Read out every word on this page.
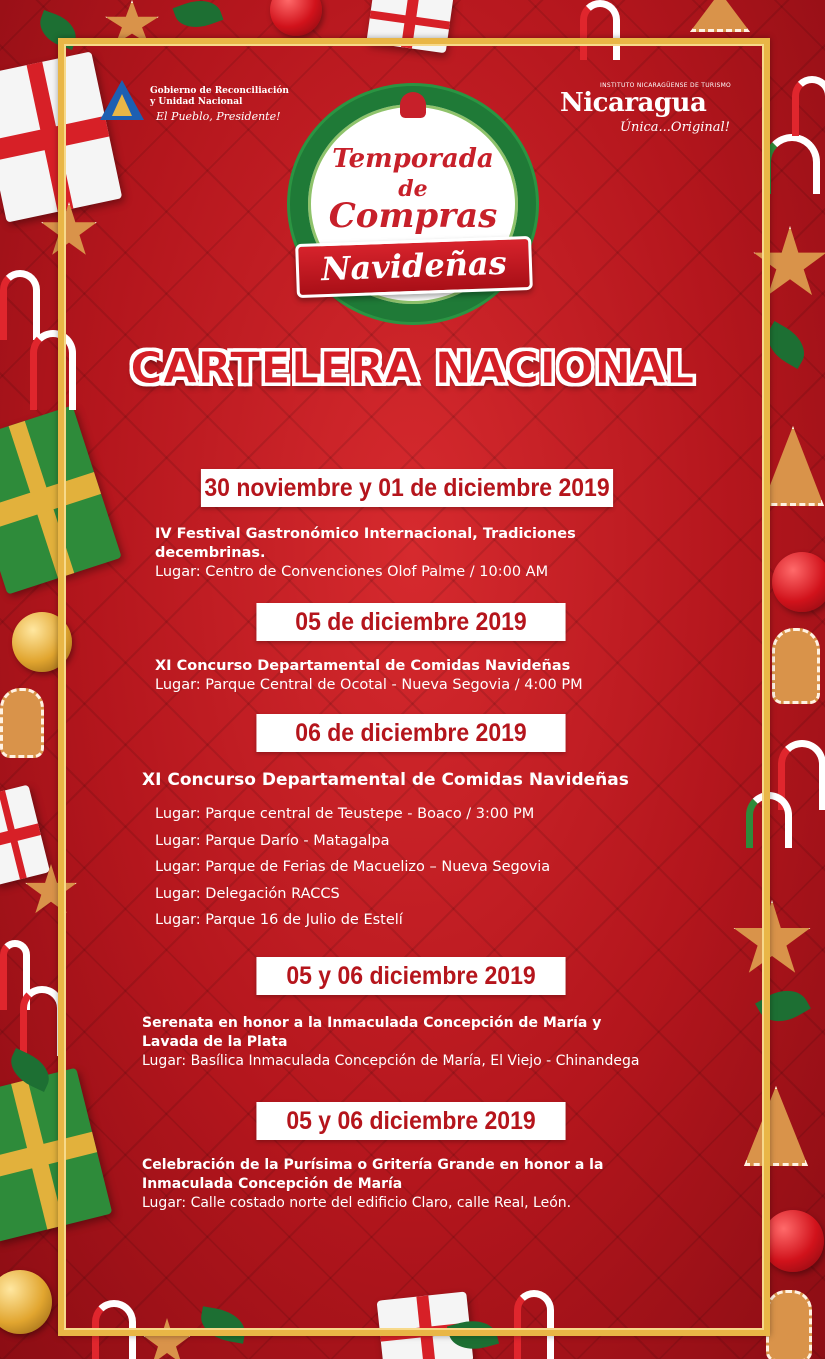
Gobierno de Reconciliación
y Unidad Nacional
El Pueblo, Presidente!
INSTITUTO NICARAGÜENSE DE TURISMO
Nicaragua
Única...Original!
Temporada
de
Compras
Navideñas
CARTELERA NACIONAL
30 noviembre y 01 de diciembre 2019
IV Festival Gastronómico Internacional, Tradiciones decembrinas.
Lugar: Centro de Convenciones Olof Palme / 10:00 AM
05 de diciembre 2019
XI Concurso Departamental de Comidas Navideñas
Lugar: Parque Central de Ocotal - Nueva Segovia / 4:00 PM
06 de diciembre 2019
XI Concurso Departamental de Comidas Navideñas
Lugar: Parque central de Teustepe - Boaco / 3:00 PM
Lugar: Parque Darío - Matagalpa
Lugar: Parque de Ferias de Macuelizo – Nueva Segovia
Lugar: Delegación RACCS
Lugar: Parque 16 de Julio de Estelí
05 y 06 diciembre 2019
Serenata en honor a la Inmaculada Concepción de María y
Lavada de la Plata
Lugar: Basílica Inmaculada Concepción de María, El Viejo - Chinandega
05 y 06 diciembre 2019
Celebración de la Purísima o Gritería Grande en honor a la
Inmaculada Concepción de María
Lugar: Calle costado norte del edificio Claro, calle Real, León.
